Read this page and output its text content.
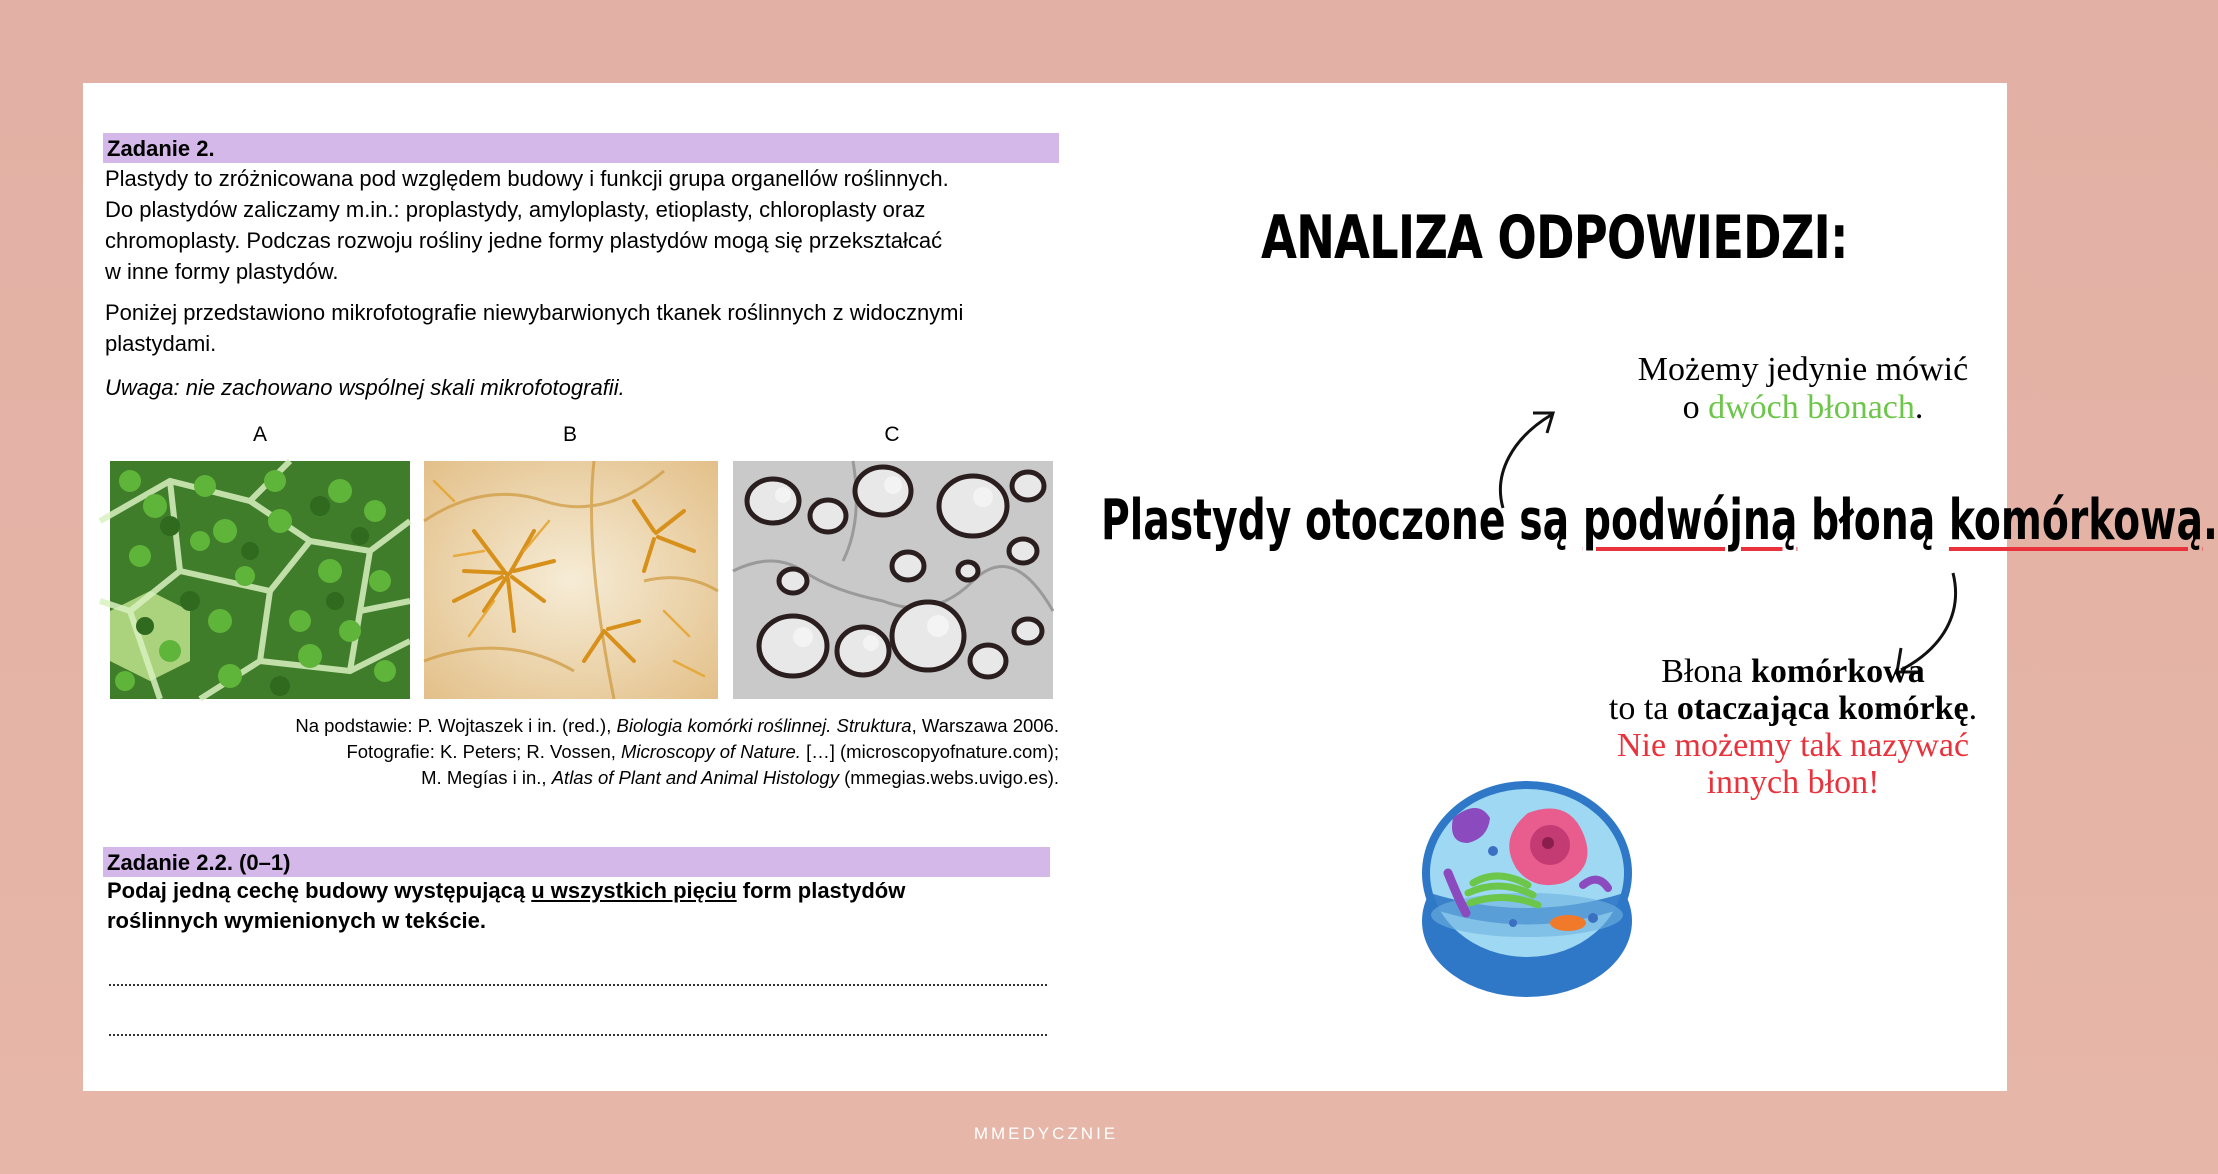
Zadanie 2.

Plastydy to zróżnicowana pod względem budowy i funkcji grupa organellów roślinnych.

Do plastydów zaliczamy m.in.: proplastydy, amyloplasty, etioplasty, chloroplasty oraz

chromoplasty. Podczas rozwoju rośliny jedne formy plastydów mogą się przekształcać

w inne formy plastydów.

Poniżej przedstawiono mikrofotografie niewybarwionych tkanek roślinnych z widocznymi

plastydami.

Uwaga: nie zachowano wspólnej skali mikrofotografii.
A	B	C
Na podstawie: P. Wojtaszek i in. (red.), Biologia komórki roślinnej. Struktura, Warszawa 2006.
Fotografie: K. Peters; R. Vossen, Microscopy of Nature. […] (microscopyofnature.com);
M. Megías i in., Atlas of Plant and Animal Histology (mmegias.webs.uvigo.es).
Zadanie 2.2. (0–1)
Podaj jedną cechę budowy występującą u wszystkich pięciu form plastydów
roślinnych wymienionych w tekście.
ANALIZA ODPOWIEDZI:
Możemy jedynie mówić
o dwóch błonach.
Plastydy otoczone są podwójną błoną komórkową.
Błona komórkowa
to ta otaczająca komórkę.
Nie możemy tak nazywać
innych błon!
MMEDYCZNIE
